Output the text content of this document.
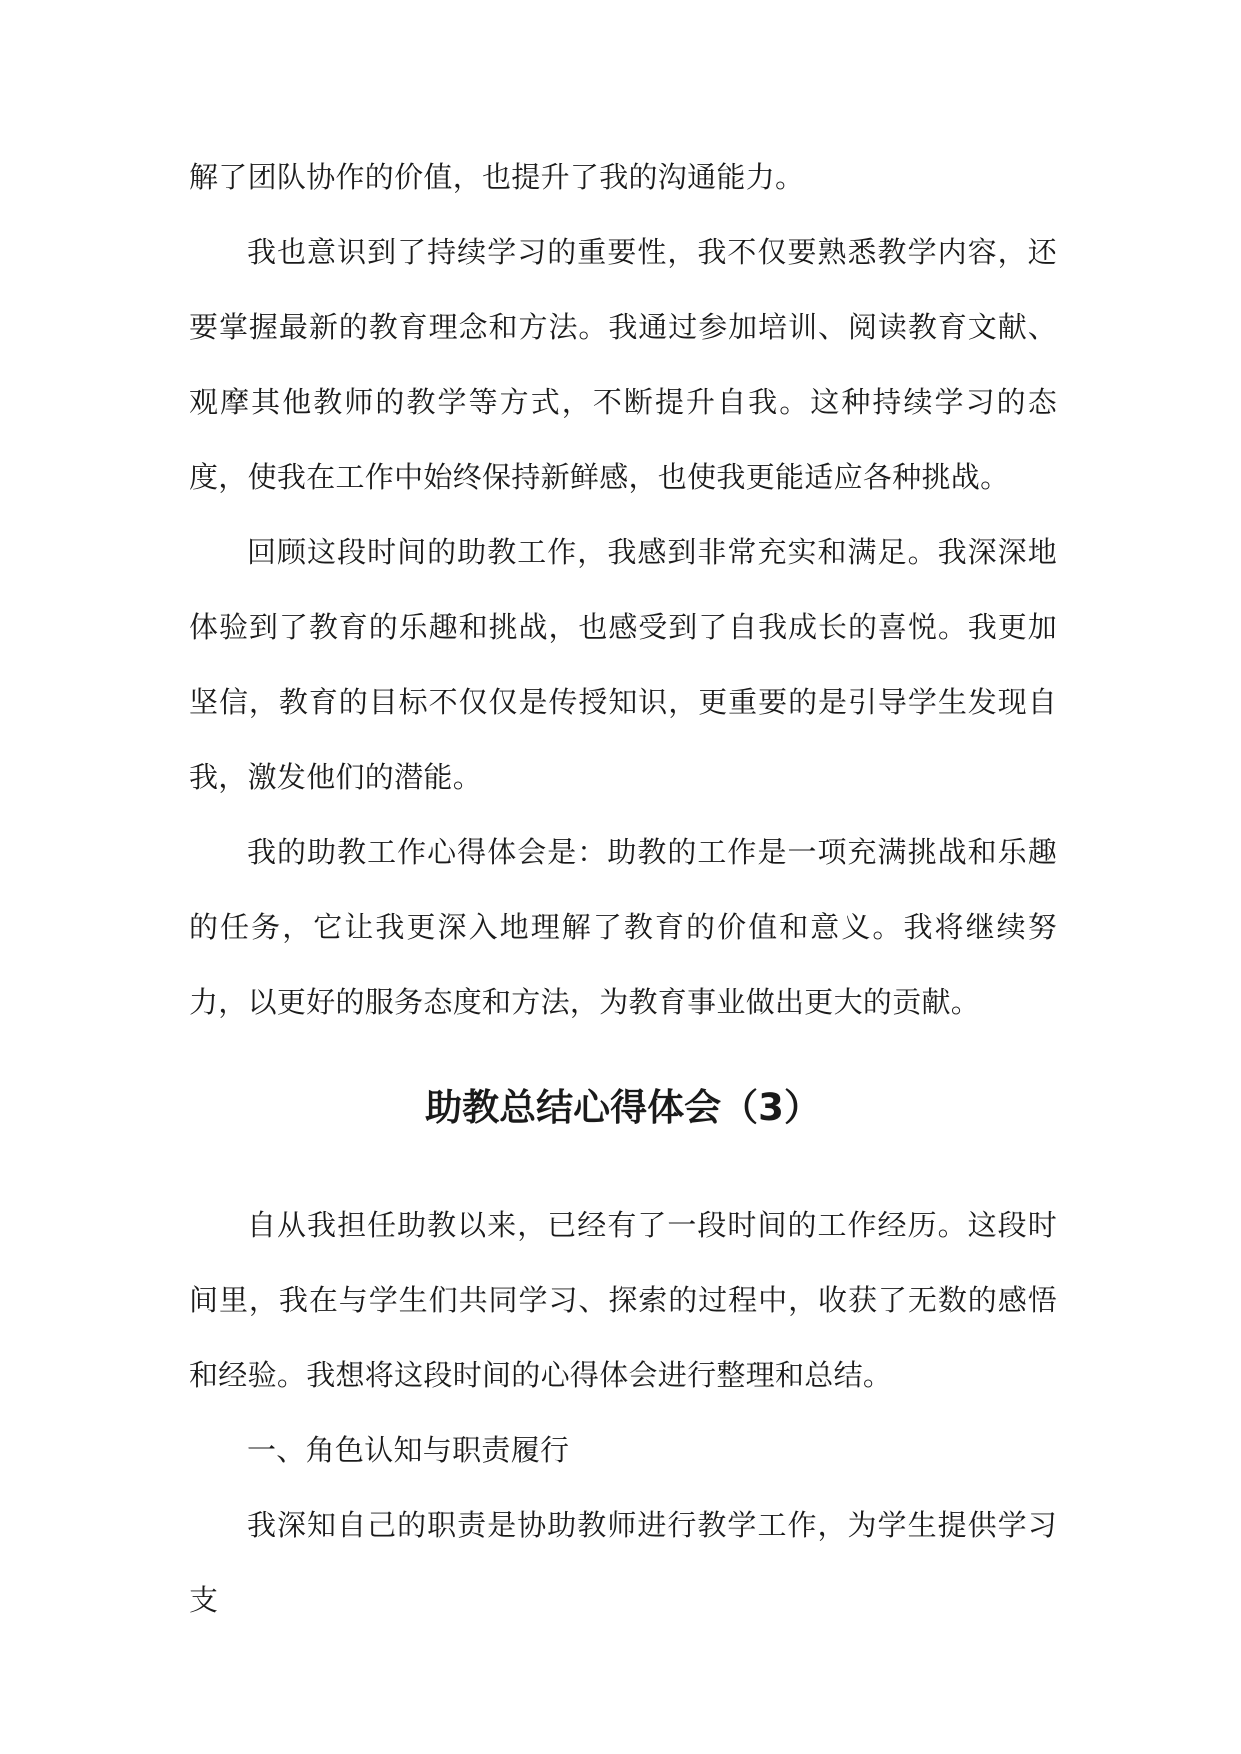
解了团队协作的价值，也提升了我的沟通能力。

我也意识到了持续学习的重要性，我不仅要熟悉教学内容，还要掌握最新的教育理念和方法。我通过参加培训、阅读教育文献、观摩其他教师的教学等方式，不断提升自我。这种持续学习的态度，使我在工作中始终保持新鲜感，也使我更能适应各种挑战。

回顾这段时间的助教工作，我感到非常充实和满足。我深深地体验到了教育的乐趣和挑战，也感受到了自我成长的喜悦。我更加坚信，教育的目标不仅仅是传授知识，更重要的是引导学生发现自我，激发他们的潜能。

我的助教工作心得体会是：助教的工作是一项充满挑战和乐趣的任务，它让我更深入地理解了教育的价值和意义。我将继续努力，以更好的服务态度和方法，为教育事业做出更大的贡献。

助教总结心得体会（3）

自从我担任助教以来，已经有了一段时间的工作经历。这段时间里，我在与学生们共同学习、探索的过程中，收获了无数的感悟和经验。我想将这段时间的心得体会进行整理和总结。

一、角色认知与职责履行

我深知自己的职责是协助教师进行教学工作，为学生提供学习支
